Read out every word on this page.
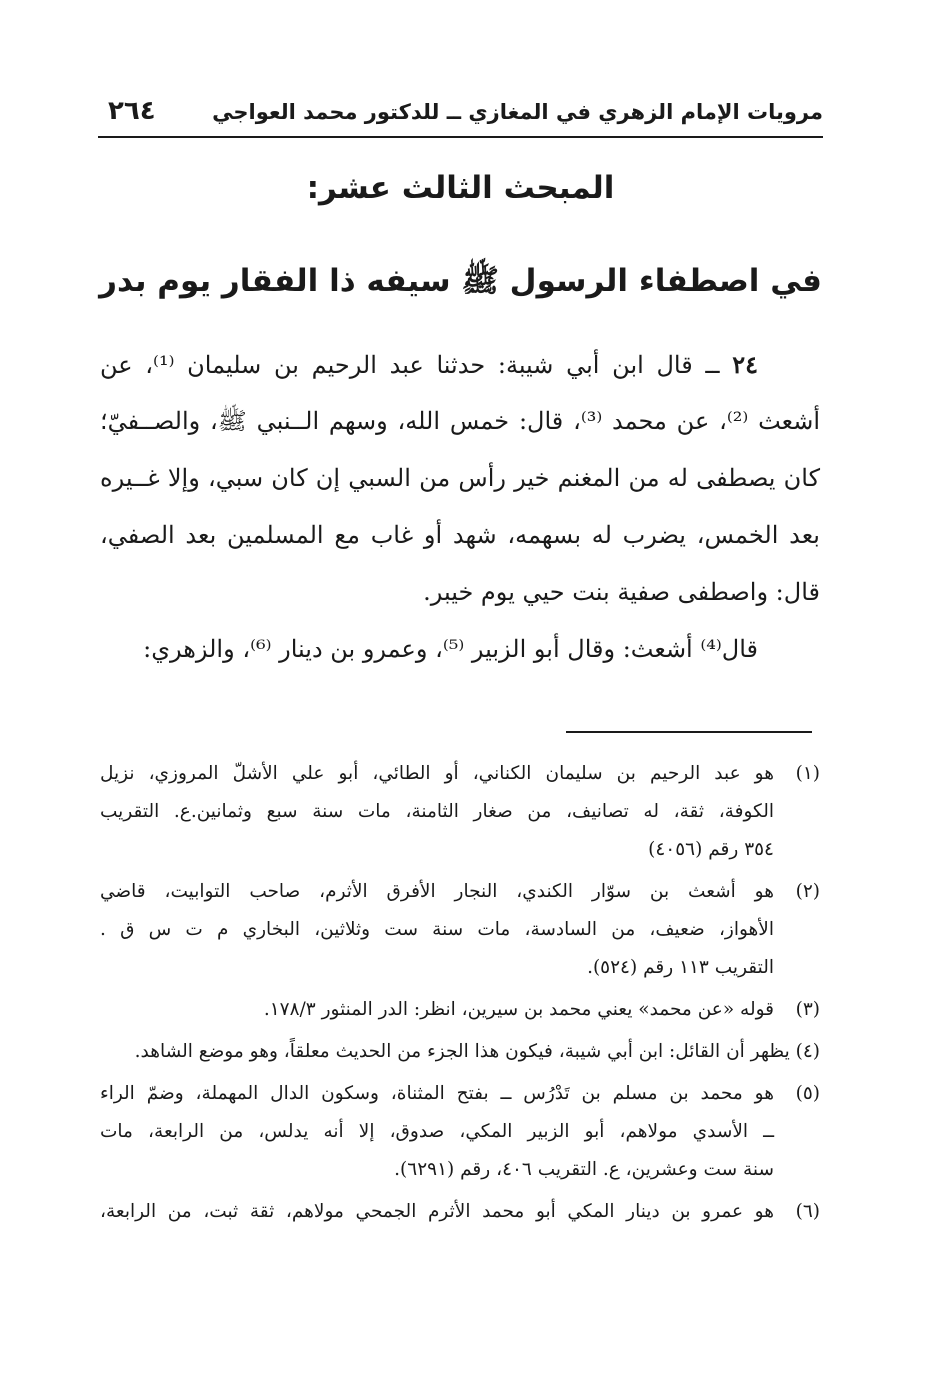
مرويات الإمام الزهري في المغازي ــ للدكتور محمد العواجي
٢٦٤
المبحث الثالث عشر:
في اصطفاء الرسول ﷺ سيفه ذا الفقار يوم بدر
٢٤ ــ قال ابن أبي شيبة: حدثنا عبد الرحيم بن سليمان ⁽¹⁾، عن
أشعث ⁽²⁾، عن محمد ⁽³⁾، قال: خمس الله، وسهم الــنبي ﷺ، والصــفيّ؛
كان يصطفى له من المغنم خير رأس من السبي إن كان سبي، وإلا غــيره
بعد الخمس، يضرب له بسهمه، شهد أو غاب مع المسلمين بعد الصفي،
قال: واصطفى صفية بنت حيي يوم خيبر.
قال⁽⁴⁾ أشعث: وقال أبو الزبير ⁽⁵⁾، وعمرو بن دينار ⁽⁶⁾، والزهري:
(١)
هو عبد الرحيم بن سليمان الكناني، أو الطائي، أبو علي الأشلّ المروزي، نزيل
الكوفة، ثقة، له تصانيف، من صغار الثامنة، مات سنة سبع وثمانين.ع. التقريب
٣٥٤ رقم (٤٠٥٦)
(٢)
هو أشعث بن سوّار الكندي، النجار الأفرق الأثرم، صاحب التوابيت، قاضي
الأهواز، ضعيف، من السادسة، مات سنة ست وثلاثين، البخاري م ت س ق .
التقريب ١١٣ رقم (٥٢٤).
(٣)
قوله «عن محمد» يعني محمد بن سيرين، انظر: الدر المنثور ١٧٨/٣.
(٤) يظهر أن القائل: ابن أبي شيبة، فيكون هذا الجزء من الحديث معلقاً، وهو موضع الشاهد.
(٥)
هو محمد بن مسلم بن تَدْرُس ــ بفتح المثناة، وسكون الدال المهملة، وضمّ الراء
ــ الأسدي مولاهم، أبو الزبير المكي، صدوق، إلا أنه يدلس، من الرابعة، مات
سنة ست وعشرين، ع. التقريب ٤٠٦، رقم (٦٢٩١).
(٦)
هو عمرو بن دينار المكي أبو محمد الأثرم الجمحي مولاهم، ثقة ثبت، من الرابعة،
